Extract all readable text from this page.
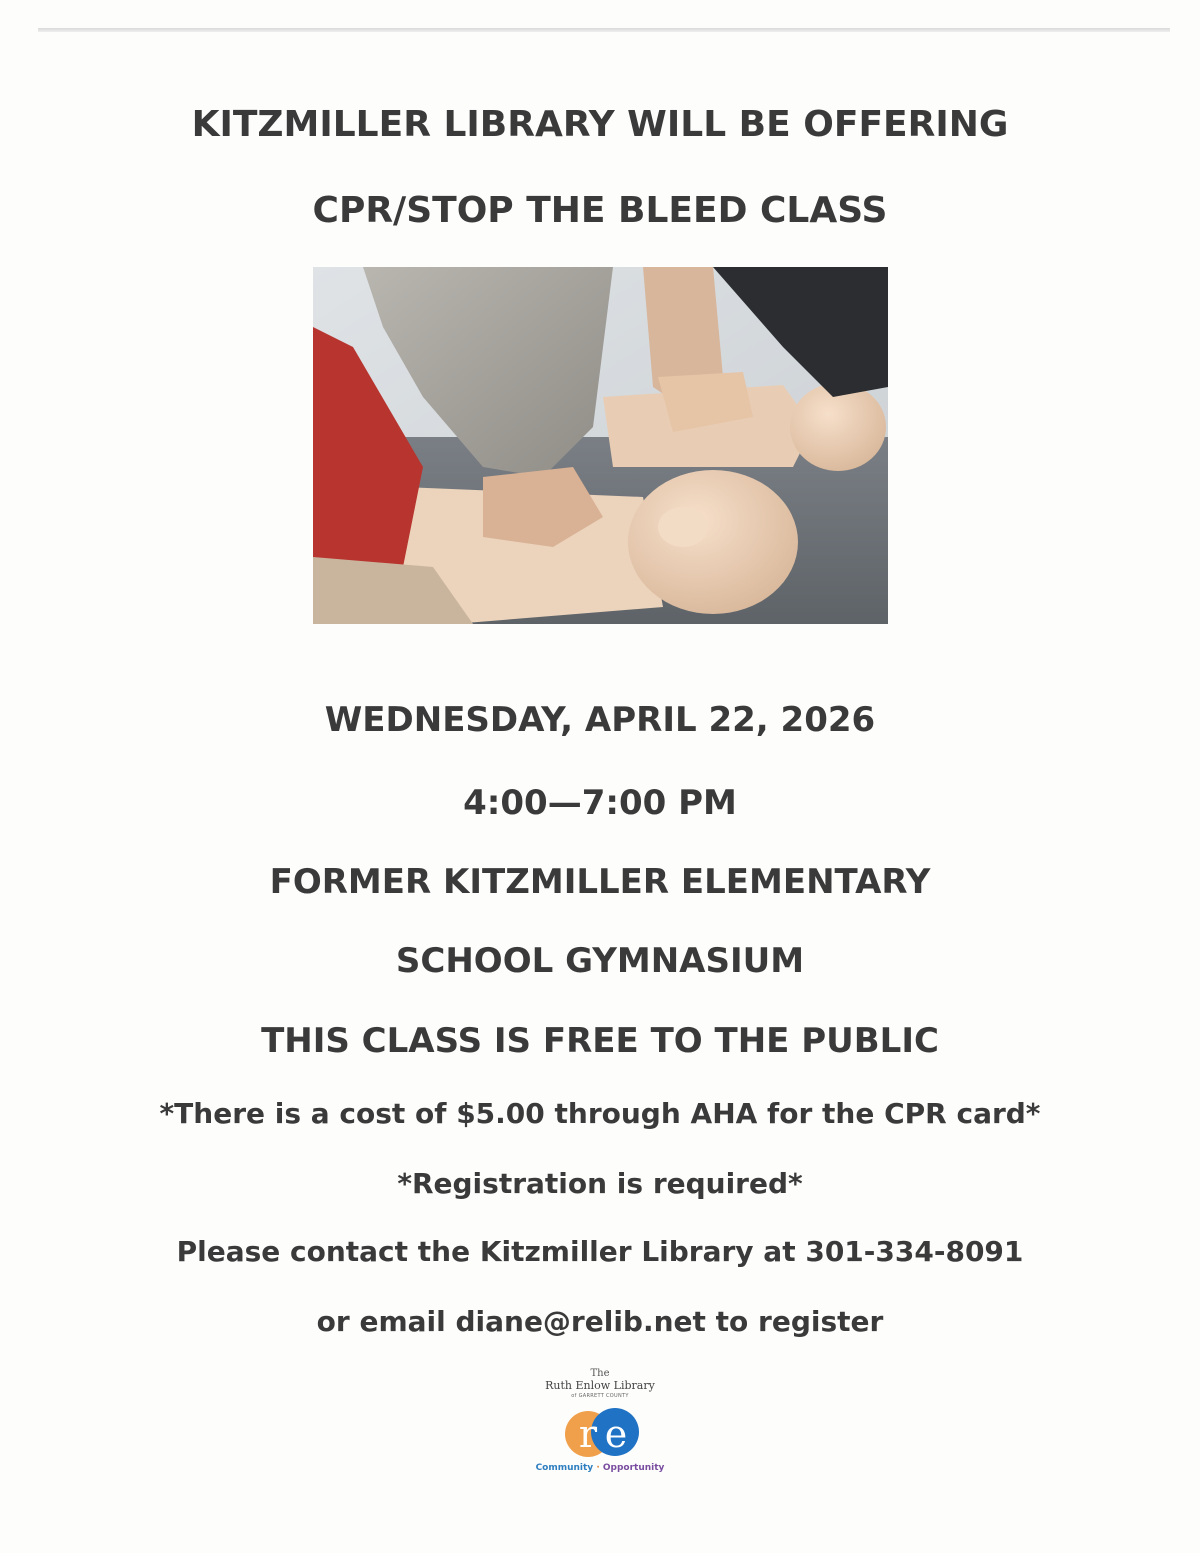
KITZMILLER LIBRARY WILL BE OFFERING
CPR/STOP THE BLEED CLASS
WEDNESDAY, APRIL 22, 2026
4:00—7:00 PM
FORMER KITZMILLER ELEMENTARY
SCHOOL GYMNASIUM
THIS CLASS IS FREE TO THE PUBLIC
*There is a cost of $5.00 through AHA for the CPR card*
*Registration is required*
Please contact the Kitzmiller Library at 301-334-8091
or email diane@relib.net to register
The
Ruth Enlow Library
of GARRETT COUNTY
r e
Community · Opportunity
